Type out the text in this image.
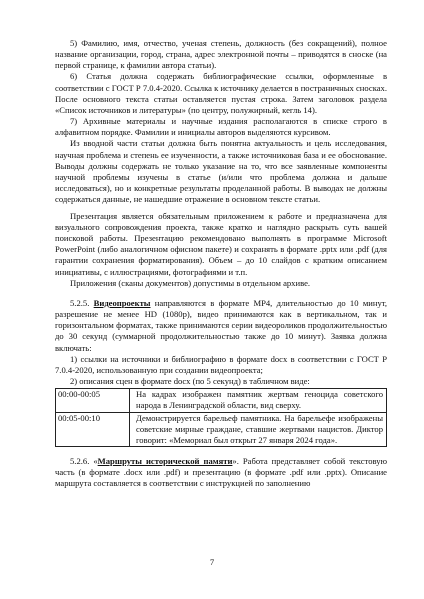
5) Фамилию, имя, отчество, ученая степень, должность (без сокращений), полное название организации, город, страна, адрес электронной почты – приводятся в сноске (на первой странице, к фамилии автора статьи).

6) Статья должна содержать библиографические ссылки, оформленные в соответствии с ГОСТ Р 7.0.4-2020. Ссылка к источнику делается в постраничных сносках. После основного текста статьи оставляется пустая строка. Затем заголовок раздела «Список источников и литературы» (по центру, полужирный, кегль 14).

7) Архивные материалы и научные издания располагаются в списке строго в алфавитном порядке. Фамилии и инициалы авторов выделяются курсивом.

Из вводной части статьи должна быть понятна актуальность и цель исследования, научная проблема и степень ее изученности, а также источниковая база и ее обоснование. Выводы должны содержать не только указание на то, что все заявленные компоненты научной проблемы изучены в статье (и/или что проблема должна и дальше исследоваться), но и конкретные результаты проделанной работы. В выводах не должны содержаться данные, не нашедшие отражение в основном тексте статьи.

Презентация является обязательным приложением к работе и предназначена для визуального сопровождения проекта, также кратко и наглядно раскрыть суть вашей поисковой работы. Презентацию рекомендовано выполнять в программе Microsoft PowerPoint (либо аналогичном офисном пакете) и сохранять в формате .pptx или .pdf (для гарантии сохранения форматирования). Объем – до 10 слайдов с кратким описанием инициативы, с иллюстрациями, фотографиями и т.п.

Приложения (сканы документов) допустимы в отдельном архиве.

5.2.5. Видеопроекты направляются в формате MP4, длительностью до 10 минут, разрешение не менее HD (1080p), видео принимаются как в вертикальном, так и горизонтальном форматах, также принимаются серии видеороликов продолжительностью до 30 секунд (суммарной продолжительностью также до 10 минут). Заявка должна включать:

1) ссылки на источники и библиографию в формате docx в соответствии с ГОСТ Р 7.0.4-2020, использованную при создании видеопроекта;

2) описания сцен в формате docx (по 5 секунд) в табличном виде:

00:00-00:05	На кадрах изображен памятник жертвам геноцида советского народа в Ленинградской области, вид сверху.
00:05-00:10	Демонстрируется барельеф памятника. На барельефе изображены советские мирные граждане, ставшие жертвами нацистов. Диктор говорит: «Мемориал был открыт 27 января 2024 года».

5.2.6. «Маршруты исторической памяти». Работа представляет собой текстовую часть (в формате .docx или .pdf) и презентацию (в формате .pdf или .pptx). Описание маршрута составляется в соответствии с инструкцией по заполнению

7
